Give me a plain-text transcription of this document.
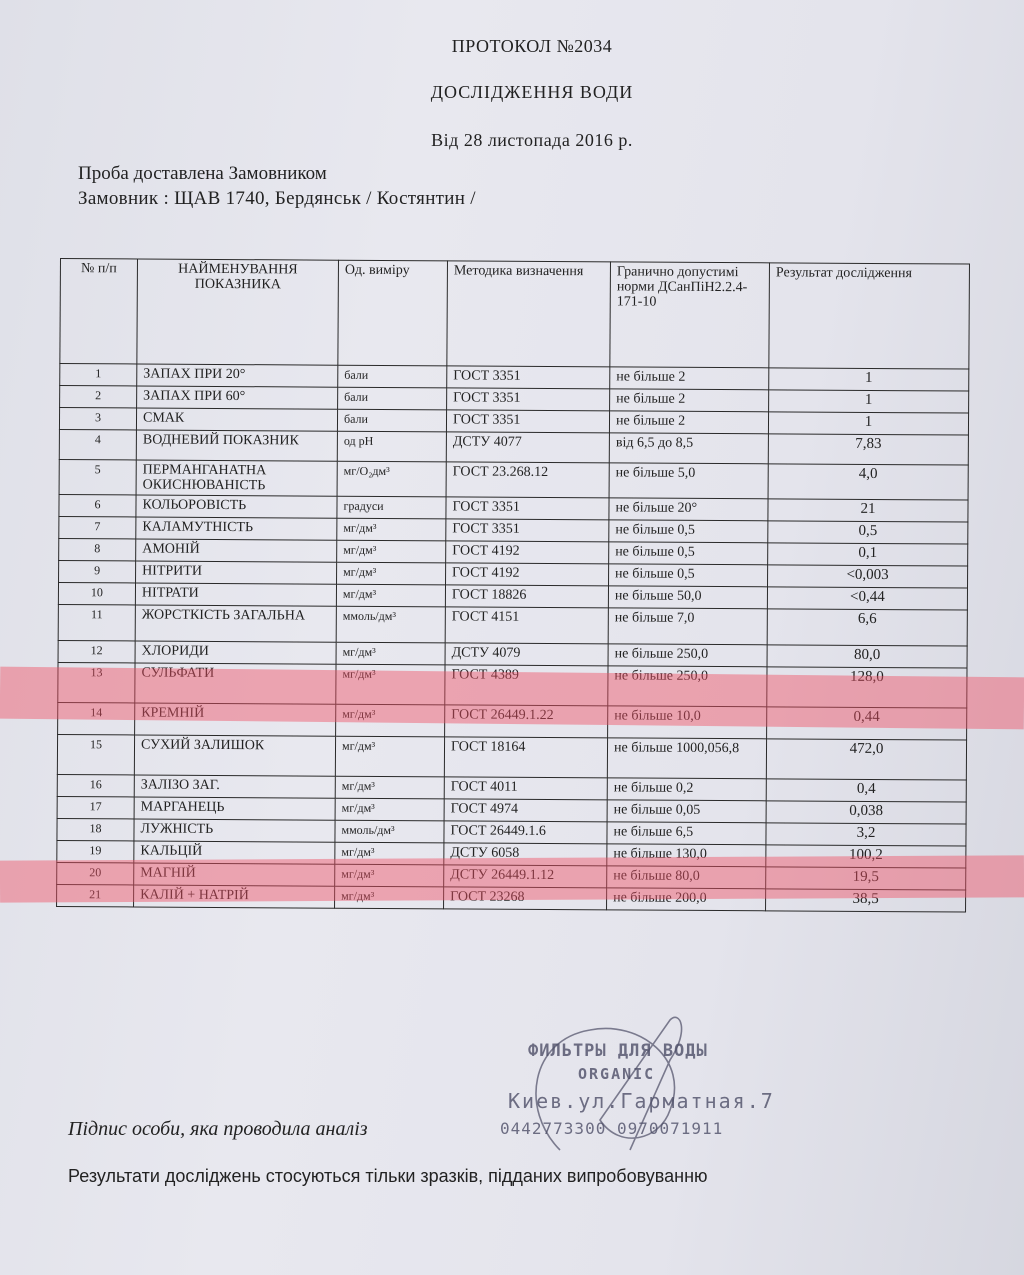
ПРОТОКОЛ №2034
ДОСЛІДЖЕННЯ ВОДИ
Від 28 листопада 2016 р.
Проба доставлена Замовником
Замовник : ЩАВ 1740, Бердянськ / Костянтин /
№ п/п	НАЙМЕНУВАННЯ ПОКАЗНИКА	Од. виміру	Методика визначення	Гранично допустимі норми ДСанПіН2.2.4-171-10	Результат дослідження
1	ЗАПАХ ПРИ 20°	бали	ГОСТ 3351	не більше 2	1
2	ЗАПАХ ПРИ 60°	бали	ГОСТ 3351	не більше 2	1
3	СМАК	бали	ГОСТ 3351	не більше 2	1
4	ВОДНЕВИЙ ПОКАЗНИК	од pH	ДСТУ 4077	від 6,5 до 8,5	7,83
5	ПЕРМАНГАНАТНА ОКИСНЮВАНІСТЬ	мг/О₂дм³	ГОСТ 23.268.12	не більше 5,0	4,0
6	КОЛЬОРОВІСТЬ	градуси	ГОСТ 3351	не більше 20°	21
7	КАЛАМУТНІСТЬ	мг/дм³	ГОСТ 3351	не більше 0,5	0,5
8	АМОНІЙ	мг/дм³	ГОСТ 4192	не більше 0,5	0,1
9	НІТРИТИ	мг/дм³	ГОСТ 4192	не більше 0,5	<0,003
10	НІТРАТИ	мг/дм³	ГОСТ 18826	не більше 50,0	<0,44
11	ЖОРСТКІСТЬ ЗАГАЛЬНА	ммоль/дм³	ГОСТ 4151	не більше 7,0	6,6
12	ХЛОРИДИ	мг/дм³	ДСТУ 4079	не більше 250,0	80,0
13	СУЛЬФАТИ	мг/дм³	ГОСТ 4389	не більше 250,0	128,0
14	КРЕМНІЙ	мг/дм³	ГОСТ 26449.1.22	не більше 10,0	0,44
15	СУХИЙ ЗАЛИШОК	мг/дм³	ГОСТ 18164	не більше 1000,056,8	472,0
16	ЗАЛІЗО ЗАГ.	мг/дм³	ГОСТ 4011	не більше 0,2	0,4
17	МАРГАНЕЦЬ	мг/дм³	ГОСТ 4974	не більше 0,05	0,038
18	ЛУЖНІСТЬ	ммоль/дм³	ГОСТ 26449.1.6	не більше 6,5	3,2
19	КАЛЬЦІЙ	мг/дм³	ДСТУ 6058	не більше 130,0	100,2
20	МАГНІЙ	мг/дм³	ДСТУ 26449.1.12	не більше 80,0	19,5
21	КАЛІЙ + НАТРІЙ	мг/дм³	ГОСТ 23268	не більше 200,0	38,5
ФИЛЬТРЫ ДЛЯ ВОДЫ
ORGANIC
Киев.ул.Гарматная.7
0442773300 0970071911
Підпис особи, яка проводила аналіз
Результати досліджень стосуються тільки зразків, підданих випробовуванню
